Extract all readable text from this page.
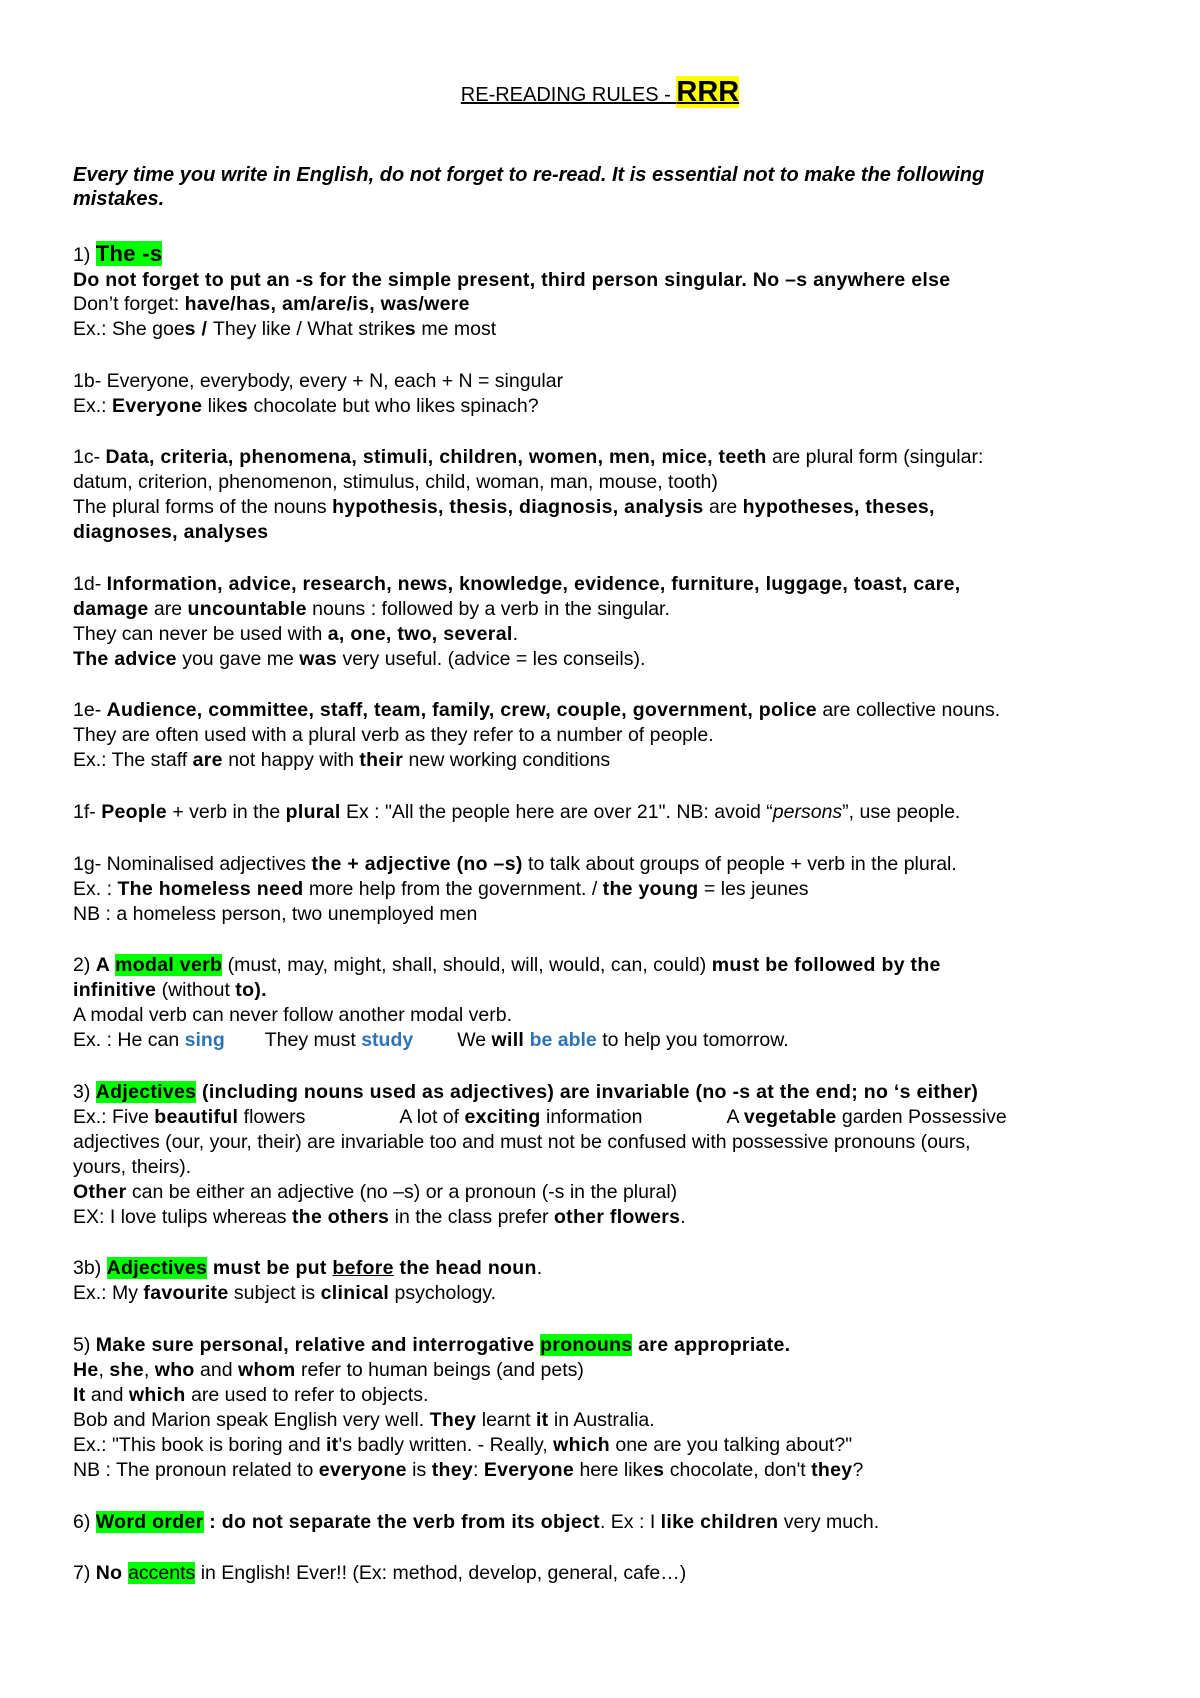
RE-READING RULES - RRR
Every time you write in English, do not forget to re-read. It is essential not to make the following
mistakes.
1) The -s
Do not forget to put an -s for the simple present, third person singular. No –s anywhere else
Don’t forget: have/has, am/are/is, was/were
Ex.: She goes / They like / What strikes me most
1b- Everyone, everybody, every + N, each + N = singular
Ex.: Everyone likes chocolate but who likes spinach?
1c- Data, criteria, phenomena, stimuli, children, women, men, mice, teeth are plural form (singular:
datum, criterion, phenomenon, stimulus, child, woman, man, mouse, tooth)
The plural forms of the nouns hypothesis, thesis, diagnosis, analysis are hypotheses, theses,
diagnoses, analyses
1d- Information, advice, research, news, knowledge, evidence, furniture, luggage, toast, care,
damage are uncountable nouns : followed by a verb in the singular.
They can never be used with a, one, two, several.
The advice you gave me was very useful. (advice = les conseils).
1e- Audience, committee, staff, team, family, crew, couple, government, police are collective nouns.
They are often used with a plural verb as they refer to a number of people.
Ex.: The staff are not happy with their new working conditions
1f- People + verb in the plural Ex : "All the people here are over 21". NB: avoid “persons”, use people.
1g- Nominalised adjectives the + adjective (no –s) to talk about groups of people + verb in the plural.
Ex. : The homeless need more help from the government. / the young = les jeunes
NB : a homeless person, two unemployed men
2) A modal verb (must, may, might, shall, should, will, would, can, could) must be followed by the
infinitive (without to).
A modal verb can never follow another modal verb.
Ex. : He can sing They must study We will be able to help you tomorrow.
3) Adjectives (including nouns used as adjectives) are invariable (no -s at the end; no ‘s either)
Ex.: Five beautiful flowers	A lot of exciting information	A vegetable garden Possessive
adjectives (our, your, their) are invariable too and must not be confused with possessive pronouns (ours,
yours, theirs).
Other can be either an adjective (no –s) or a pronoun (-s in the plural)
EX: I love tulips whereas the others in the class prefer other flowers.
3b) Adjectives must be put before the head noun.
Ex.: My favourite subject is clinical psychology.
5) Make sure personal, relative and interrogative pronouns are appropriate.
He, she, who and whom refer to human beings (and pets)
It and which are used to refer to objects.
Bob and Marion speak English very well. They learnt it in Australia.
Ex.: "This book is boring and it's badly written. - Really, which one are you talking about?"
NB : The pronoun related to everyone is they: Everyone here likes chocolate, don't they?
6) Word order : do not separate the verb from its object. Ex : I like children very much.
7) No accents in English! Ever!! (Ex: method, develop, general, cafe…)
